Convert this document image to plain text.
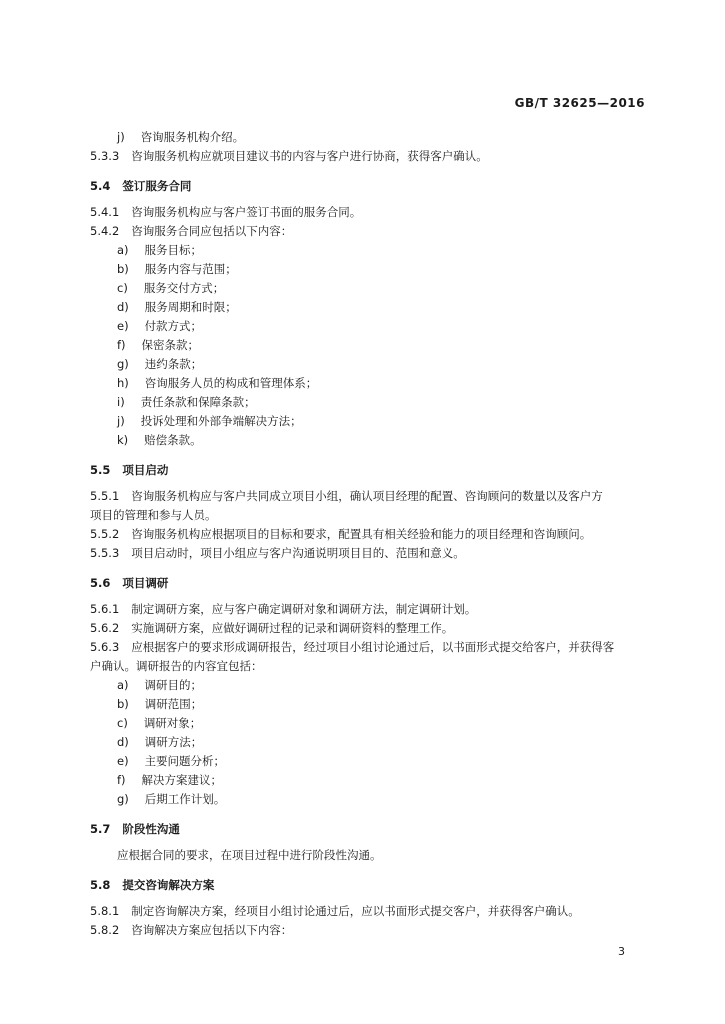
GB/T 32625—2016
j) 咨询服务机构介绍。
5.3.3 咨询服务机构应就项目建议书的内容与客户进行协商，获得客户确认。
5.4 签订服务合同
5.4.1 咨询服务机构应与客户签订书面的服务合同。
5.4.2 咨询服务合同应包括以下内容：
a) 服务目标；
b) 服务内容与范围；
c) 服务交付方式；
d) 服务周期和时限；
e) 付款方式；
f) 保密条款；
g) 违约条款；
h) 咨询服务人员的构成和管理体系；
i) 责任条款和保障条款；
j) 投诉处理和外部争端解决方法；
k) 赔偿条款。
5.5 项目启动
5.5.1 咨询服务机构应与客户共同成立项目小组，确认项目经理的配置、咨询顾问的数量以及客户方
项目的管理和参与人员。
5.5.2 咨询服务机构应根据项目的目标和要求，配置具有相关经验和能力的项目经理和咨询顾问。
5.5.3 项目启动时，项目小组应与客户沟通说明项目目的、范围和意义。
5.6 项目调研
5.6.1 制定调研方案，应与客户确定调研对象和调研方法，制定调研计划。
5.6.2 实施调研方案，应做好调研过程的记录和调研资料的整理工作。
5.6.3 应根据客户的要求形成调研报告，经过项目小组讨论通过后，以书面形式提交给客户，并获得客
户确认。调研报告的内容宜包括：
a) 调研目的；
b) 调研范围；
c) 调研对象；
d) 调研方法；
e) 主要问题分析；
f) 解决方案建议；
g) 后期工作计划。
5.7 阶段性沟通
应根据合同的要求，在项目过程中进行阶段性沟通。
5.8 提交咨询解决方案
5.8.1 制定咨询解决方案，经项目小组讨论通过后，应以书面形式提交客户，并获得客户确认。
5.8.2 咨询解决方案应包括以下内容：
3
